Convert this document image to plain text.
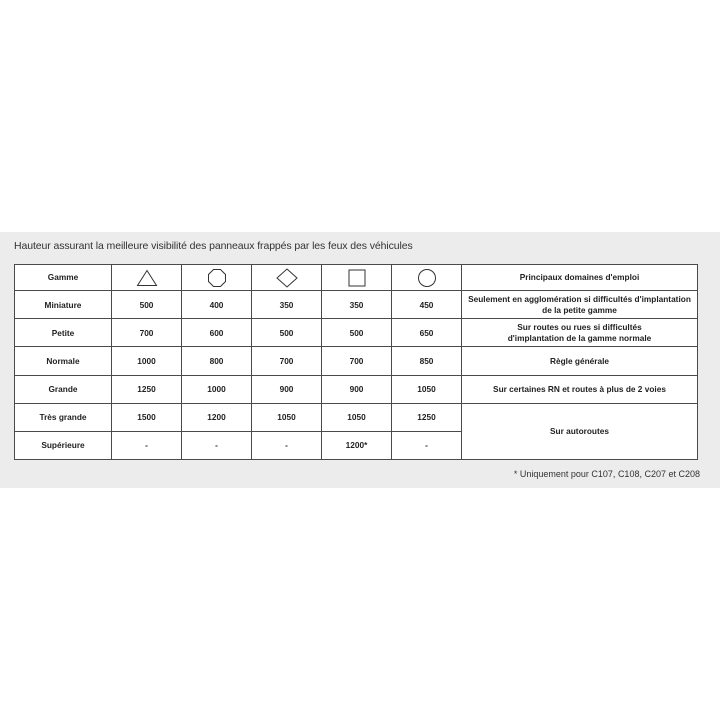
Hauteur assurant la meilleure visibilité des panneaux frappés par les feux des véhicules
Gamme						Principaux domaines d'emploi
Miniature	500	400	350	350	450	Seulement en agglomération si difficultés d'implantation de la petite gamme
Petite	700	600	500	500	650	Sur routes ou rues si difficultés
d'implantation de la gamme normale

Normale	1000	800	700	700	850	Règle générale
Grande	1250	1000	900	900	1050	Sur certaines RN et routes à plus de 2 voies
Très grande	1500	1200	1050	1050	1250	Sur autoroutes
Supérieure	-	-	-	1200*	-	
* Uniquement pour C107, C108, C207 et C208
